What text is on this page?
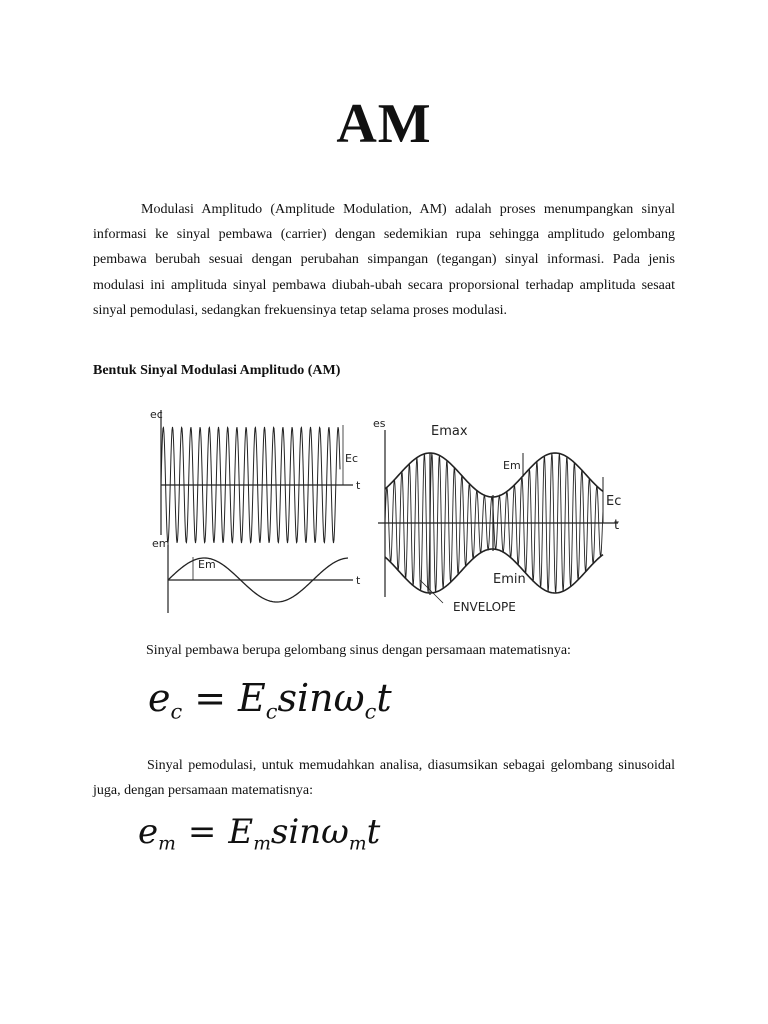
AM
Modulasi Amplitudo (Amplitude Modulation, AM) adalah proses menumpangkan sinyal informasi ke sinyal pembawa (carrier) dengan sedemikian rupa sehingga amplitudo gelombang pembawa berubah sesuai dengan perubahan simpangan (tegangan) sinyal informasi. Pada jenis modulasi ini amplituda sinyal pembawa diubah-ubah secara proporsional terhadap amplituda sesaat sinyal pemodulasi, sedangkan frekuensinya tetap selama proses modulasi.
Bentuk Sinyal Modulasi Amplitudo (AM)
ec
Ec
t
em
Em
t
es
Emax
Em
Ec
t
Emin
ENVELOPE
Sinyal pembawa berupa gelombang sinus dengan persamaan matematisnya:
$e_c = E_c\sin\omega_ct$
Sinyal pemodulasi, untuk memudahkan analisa, diasumsikan sebagai gelombang sinusoidal juga, dengan persamaan matematisnya:
$e_m = E_m\sin\omega_mt$
